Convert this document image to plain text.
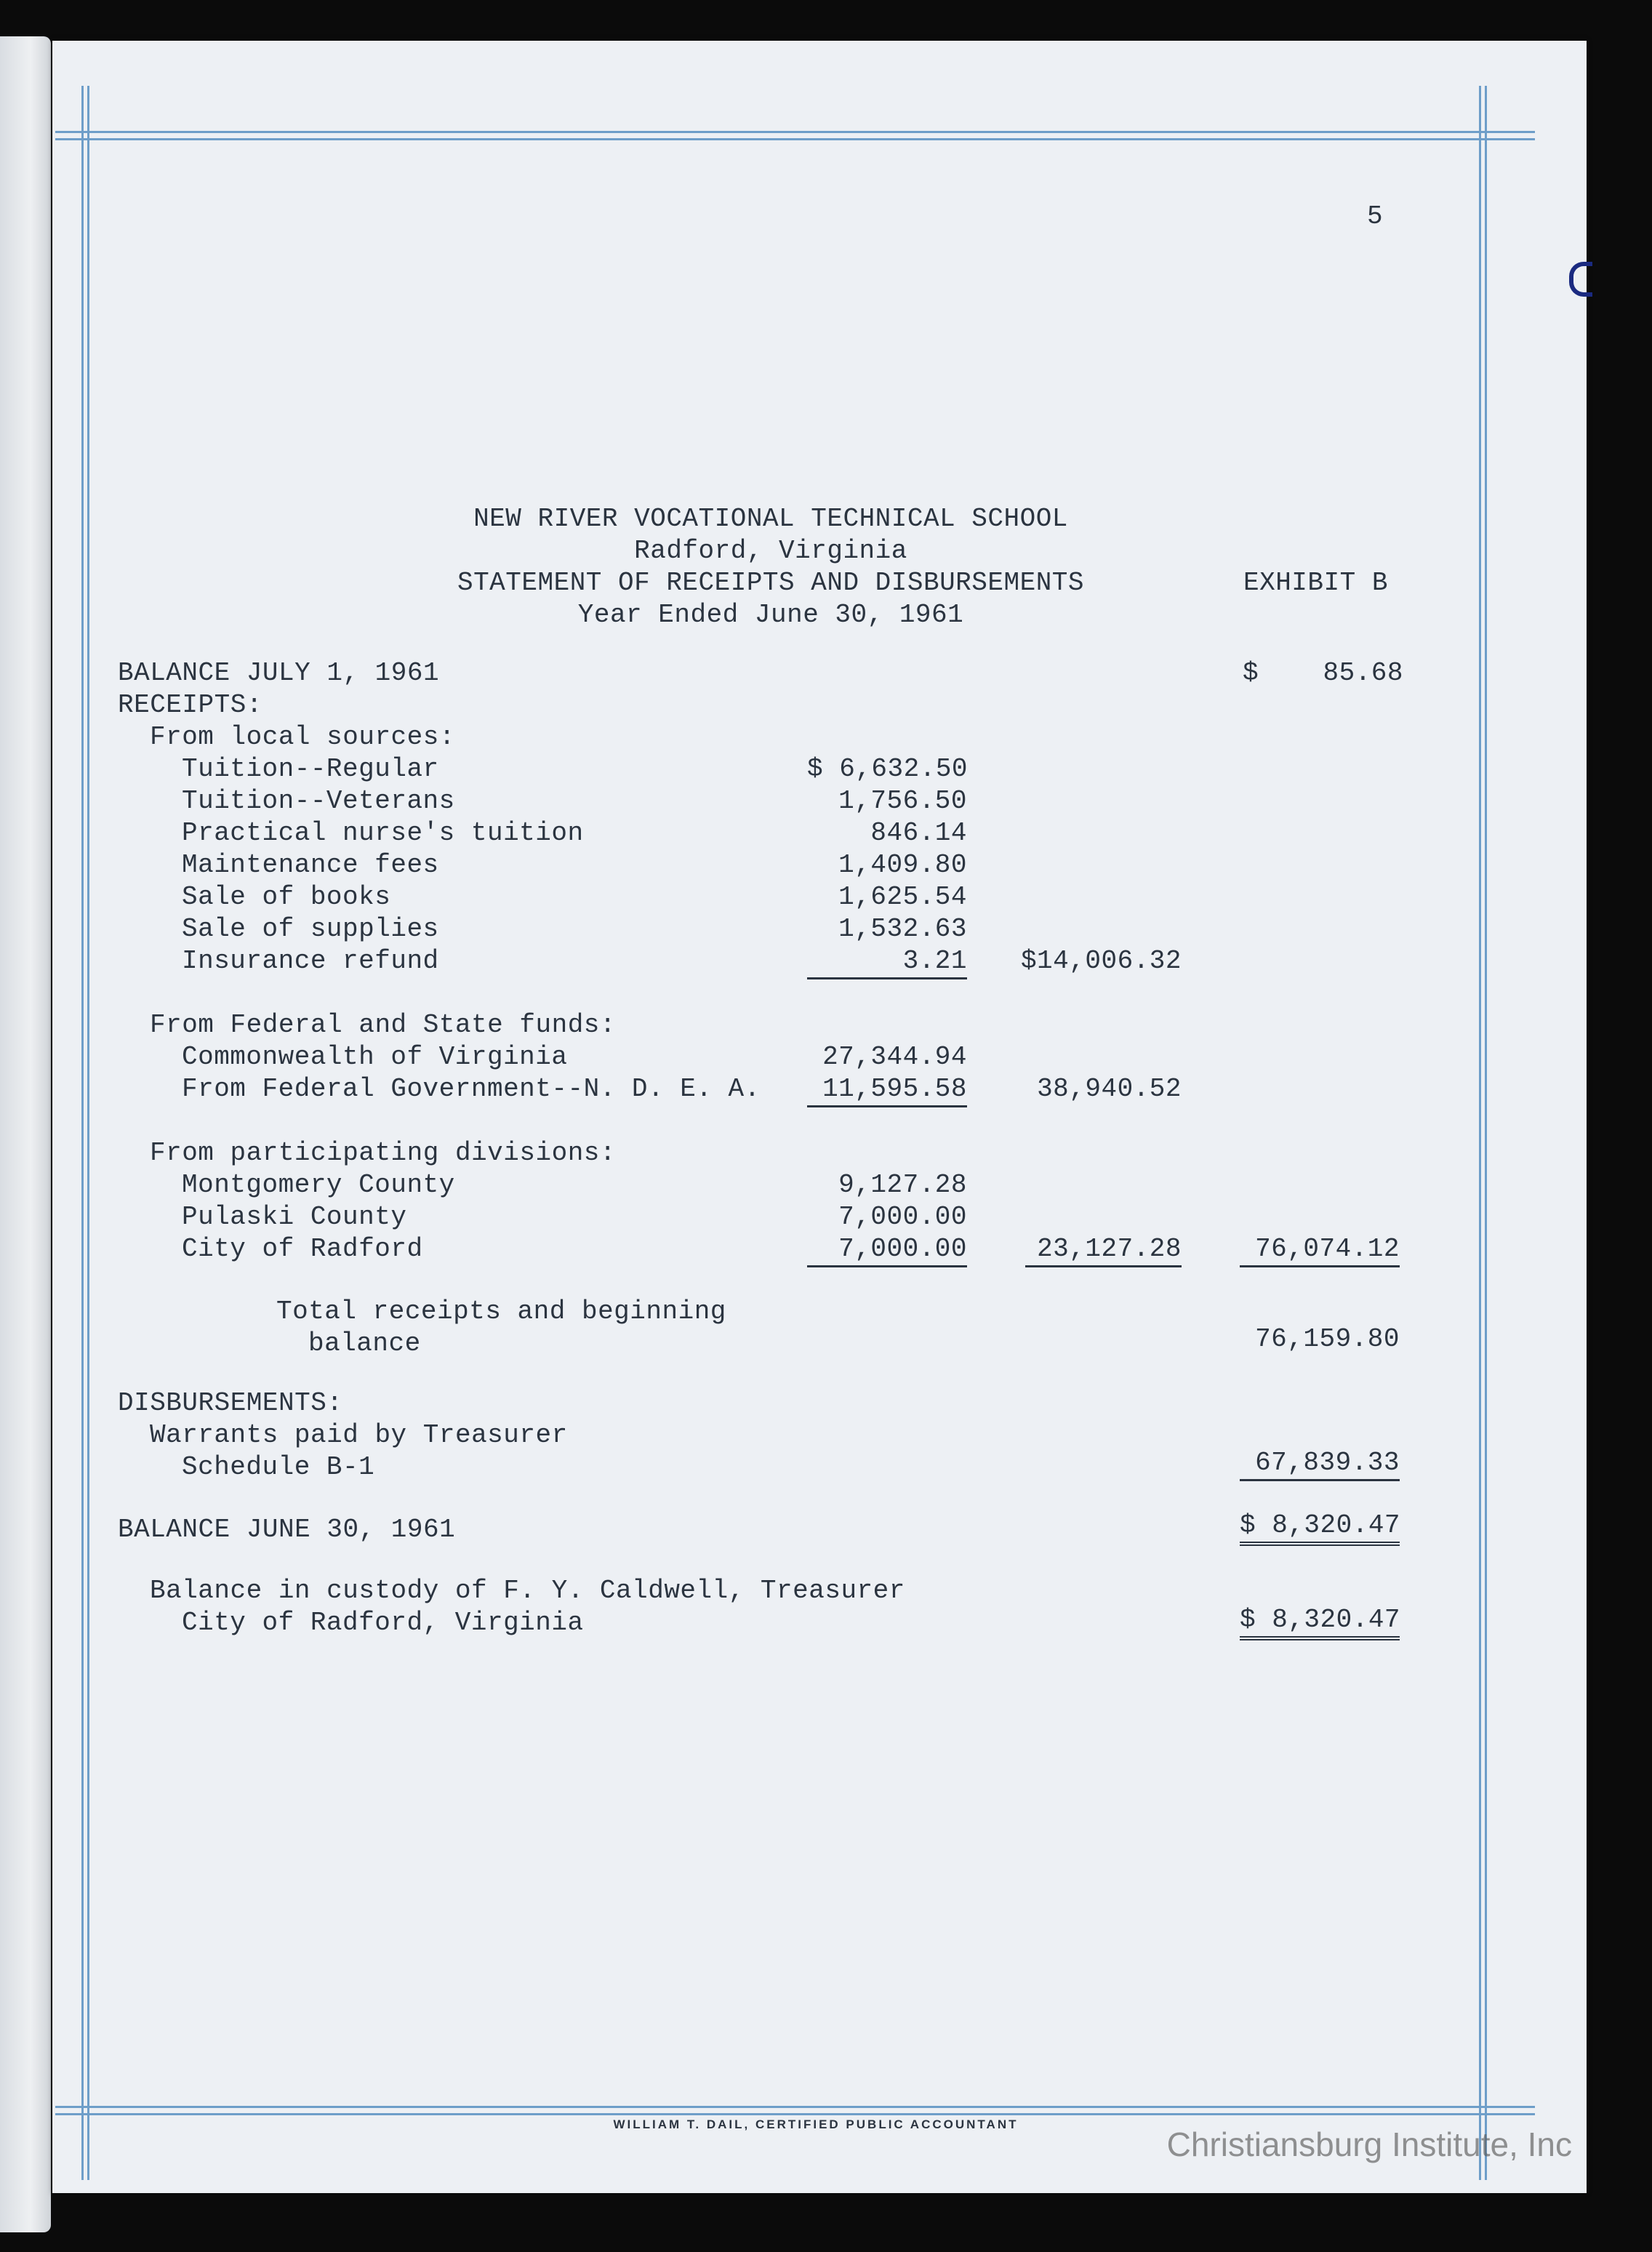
5
NEW RIVER VOCATIONAL TECHNICAL SCHOOL
Radford, Virginia
STATEMENT OF RECEIPTS AND DISBURSEMENTS	EXHIBIT B
Year Ended June 30, 1961
BALANCE JULY 1, 1961	$    85.68
RECEIPTS:
From local sources:
Tuition--Regular	$ 6,632.50
Tuition--Veterans	1,756.50
Practical nurse's tuition	846.14
Maintenance fees	1,409.80
Sale of books	1,625.54
Sale of supplies	1,532.63
Insurance refund	3.21 $14,006.32
From Federal and State funds:
Commonwealth of Virginia	27,344.94
From Federal Government--N. D. E. A.	11,595.58	38,940.52
From participating divisions:
Montgomery County	9,127.28
Pulaski County	7,000.00
City of Radford	7,000.00	23,127.28	76,074.12
Total receipts and beginning
balance	76,159.80
DISBURSEMENTS:
Warrants paid by Treasurer
Schedule B-1	67,839.33
BALANCE JUNE 30, 1961	$ 8,320.47
Balance in custody of F. Y. Caldwell, Treasurer
City of Radford, Virginia	$ 8,320.47
WILLIAM T. DAIL, CERTIFIED PUBLIC ACCOUNTANT
Christiansburg Institute, Inc
